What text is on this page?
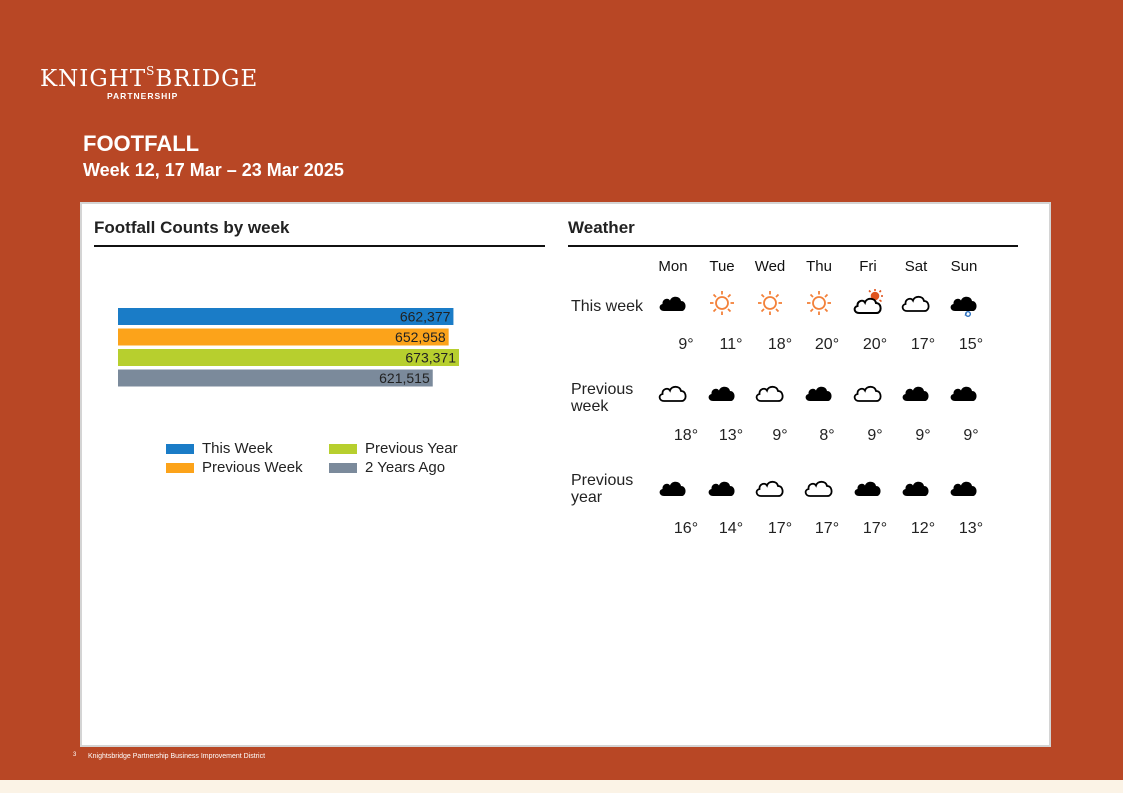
$KNIGHT^SBRIDGE$
PARTNERSHIP
FOOTFALL
Week 12, 17 Mar – 23 Mar 2025
Footfall Counts by week
662,377
652,958
673,371
621,515
This Week
Previous Week
Previous Year
2 Years Ago
Weather
Mon	Tue	Wed	Thu	Fri	Sat	Sun
This week
9°	11°	18°	20°	20°	17°	15°
Previous
week
18°	13°	9°	8°	9°	9°	9°
Previous
year
16°	14°	17°	17°	17°	12°	13°
3 Knightsbridge Partnership Business Improvement District
